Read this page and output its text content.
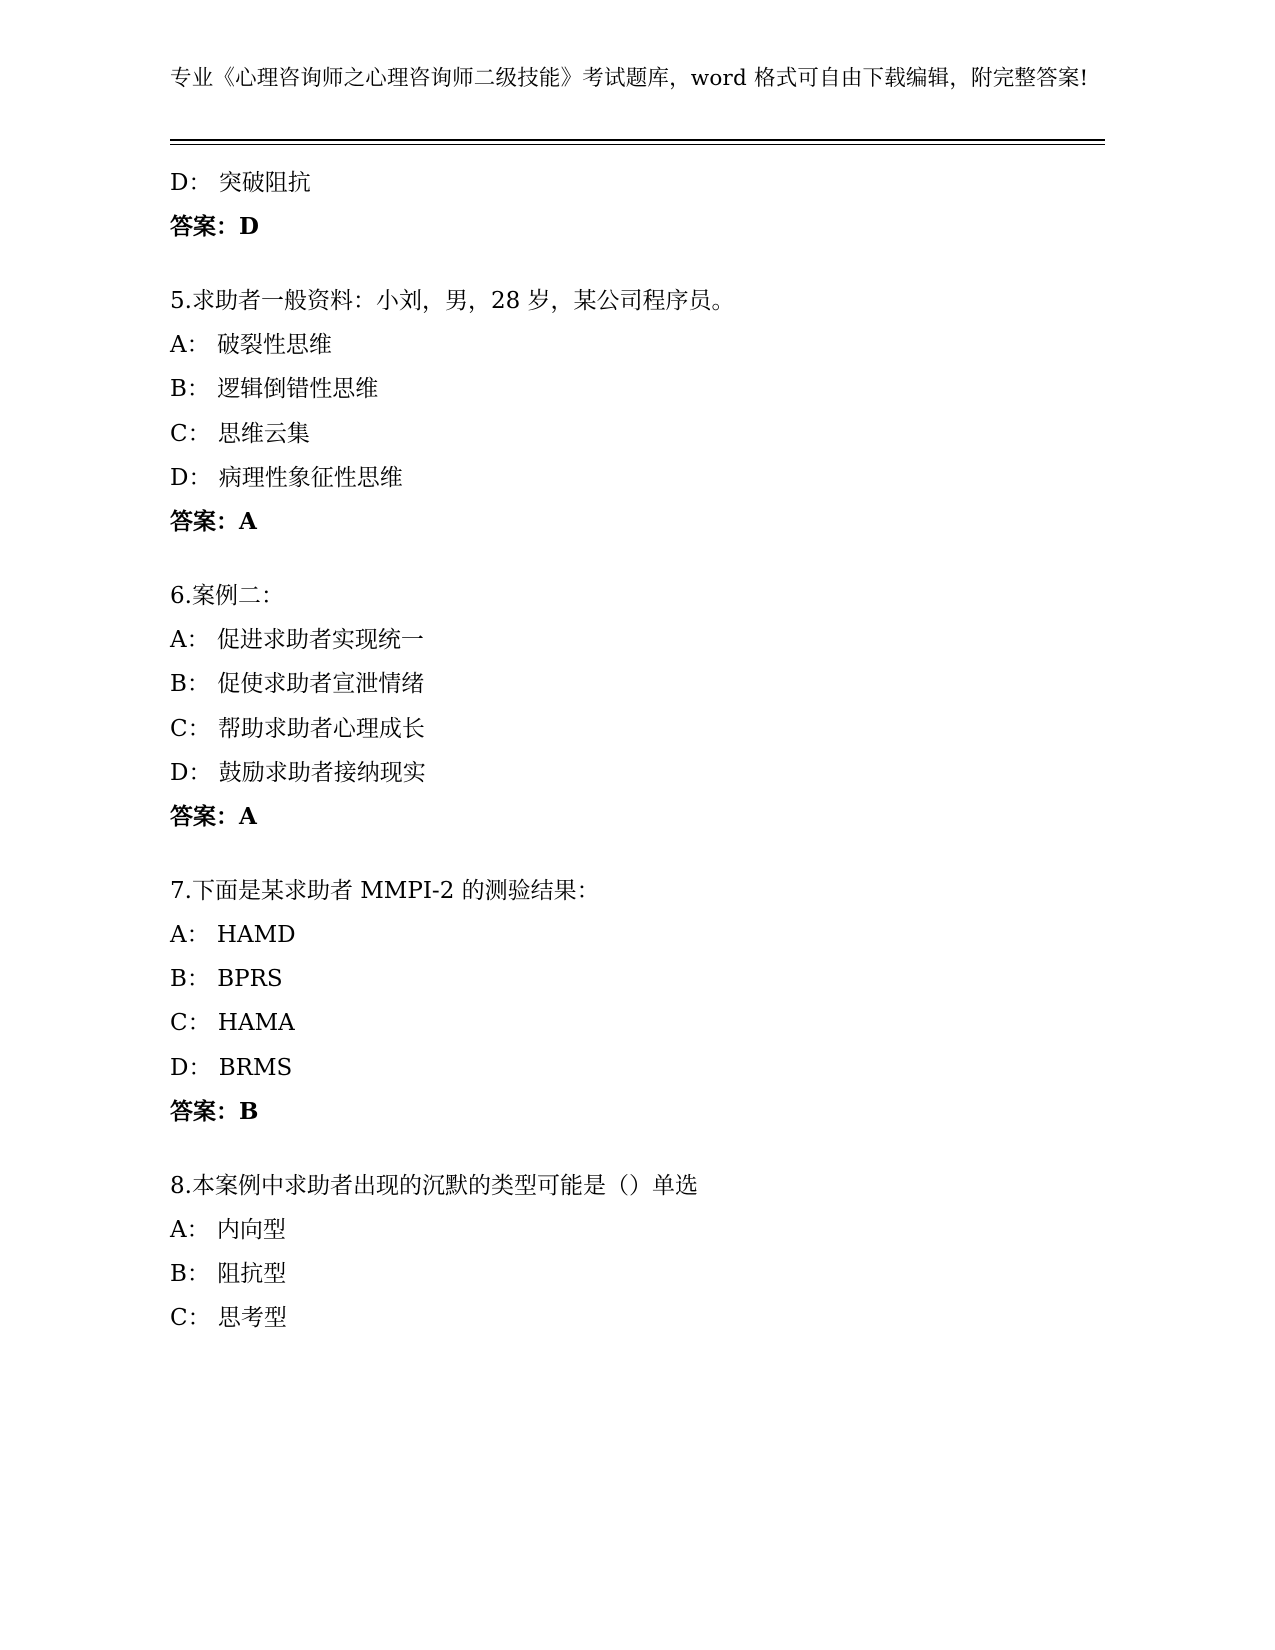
专业《心理咨询师之心理咨询师二级技能》考试题库，word 格式可自由下载编辑，附完整答案!
D： 突破阻抗
答案：D
5.求助者一般资料：小刘，男，28 岁，某公司程序员。
A： 破裂性思维
B： 逻辑倒错性思维
C： 思维云集
D： 病理性象征性思维
答案：A
6.案例二：
A： 促进求助者实现统一
B： 促使求助者宣泄情绪
C： 帮助求助者心理成长
D： 鼓励求助者接纳现实
答案：A
7.下面是某求助者 MMPI-2 的测验结果：
A： HAMD
B： BPRS
C： HAMA
D： BRMS
答案：B
8.本案例中求助者出现的沉默的类型可能是（）单选
A： 内向型
B： 阻抗型
C： 思考型
